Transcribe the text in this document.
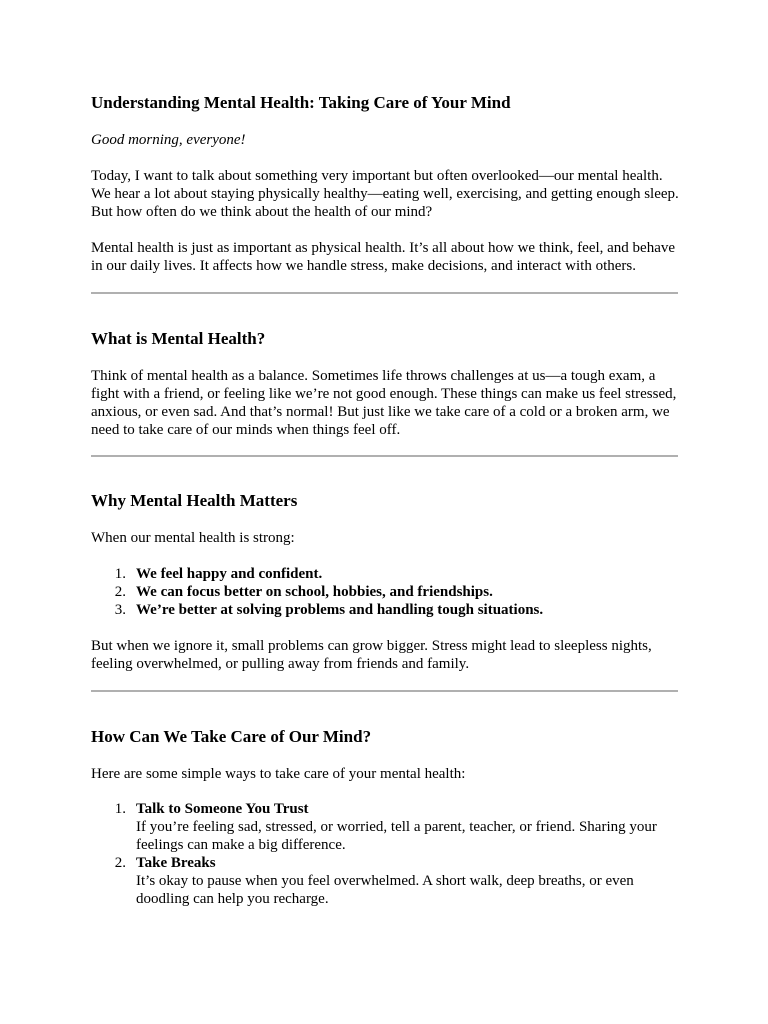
Understanding Mental Health: Taking Care of Your Mind

Good morning, everyone!

Today, I want to talk about something very important but often overlooked—our mental health. We hear a lot about staying physically healthy—eating well, exercising, and getting enough sleep. But how often do we think about the health of our mind?

Mental health is just as important as physical health. It’s all about how we think, feel, and behave in our daily lives. It affects how we handle stress, make decisions, and interact with others.

What is Mental Health?

Think of mental health as a balance. Sometimes life throws challenges at us—a tough exam, a fight with a friend, or feeling like we’re not good enough. These things can make us feel stressed, anxious, or even sad. And that’s normal! But just like we take care of a cold or a broken arm, we need to take care of our minds when things feel off.

Why Mental Health Matters

When our mental health is strong:

1. We feel happy and confident.
2. We can focus better on school, hobbies, and friendships.
3. We’re better at solving problems and handling tough situations.

But when we ignore it, small problems can grow bigger. Stress might lead to sleepless nights, feeling overwhelmed, or pulling away from friends and family.

How Can We Take Care of Our Mind?

Here are some simple ways to take care of your mental health:

1. Talk to Someone You Trust
If you’re feeling sad, stressed, or worried, tell a parent, teacher, or friend. Sharing your feelings can make a big difference.
2. Take Breaks
It’s okay to pause when you feel overwhelmed. A short walk, deep breaths, or even doodling can help you recharge.
